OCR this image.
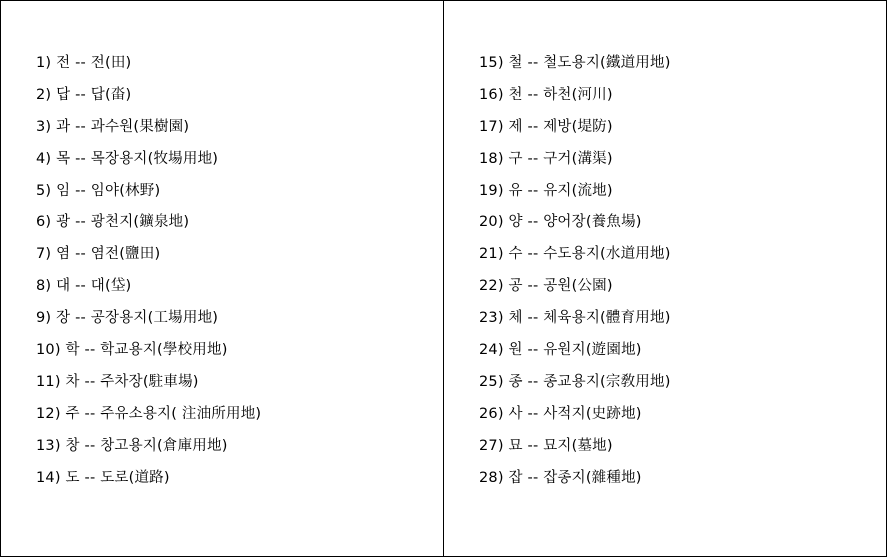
1) 전 -- 전(田)
2) 답 -- 답(畓)
3) 과 -- 과수원(果樹園)
4) 목 -- 목장용지(牧場用地)
5) 임 -- 임야(林野)
6) 광 -- 광천지(鑛泉地)
7) 염 -- 염전(鹽田)
8) 대 -- 대(垈)
9) 장 -- 공장용지(工場用地)
10) 학 -- 학교용지(學校用地)
11) 차 -- 주차장(駐車場)
12) 주 -- 주유소용지( 注油所用地)
13) 창 -- 창고용지(倉庫用地)
14) 도 -- 도로(道路)
15) 철 -- 철도용지(鐵道用地)
16) 천 -- 하천(河川)
17) 제 -- 제방(堤防)
18) 구 -- 구거(溝渠)
19) 유 -- 유지(流地)
20) 양 -- 양어장(養魚場)
21) 수 -- 수도용지(水道用地)
22) 공 -- 공원(公園)
23) 체 -- 체육용지(體育用地)
24) 원 -- 유원지(遊園地)
25) 종 -- 종교용지(宗敎用地)
26) 사 -- 사적지(史跡地)
27) 묘 -- 묘지(墓地)
28) 잡 -- 잡종지(雜種地)
